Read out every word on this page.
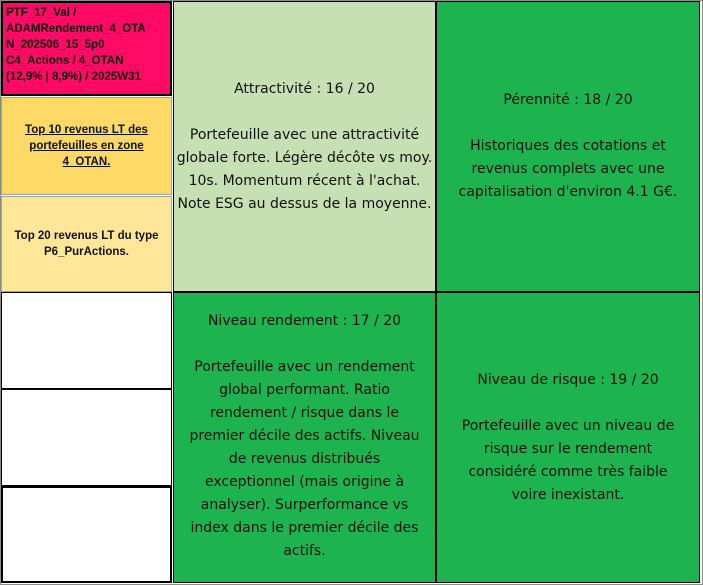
PTF_17_Val /
ADAMRendement_4_OTA
N_202506_15_5p0
C4_Actions / 4_OTAN
(12,9% | 8,9%) / 2025W31
Top 10 revenus LT des portefeuilles en zone 4_OTAN.
Top 20 revenus LT du type P6_PurActions.

Attractivité : 16 / 20

Portefeuille avec une attractivité globale forte. Légère décôte vs moy. 10s. Momentum récent à l'achat. Note ESG au dessus de la moyenne.

Pérennité : 18 / 20

Historiques des cotations et revenus complets avec une capitalisation d'environ 4.1 G€.

Niveau rendement : 17 / 20

Portefeuille avec un rendement global performant. Ratio rendement / risque dans le premier décile des actifs. Niveau de revenus distribués exceptionnel (mais origine à analyser). Surperformance vs index dans le premier décile des actifs.

Niveau de risque : 19 / 20

Portefeuille avec un niveau de risque sur le rendement considéré comme très faible voire inexistant.
